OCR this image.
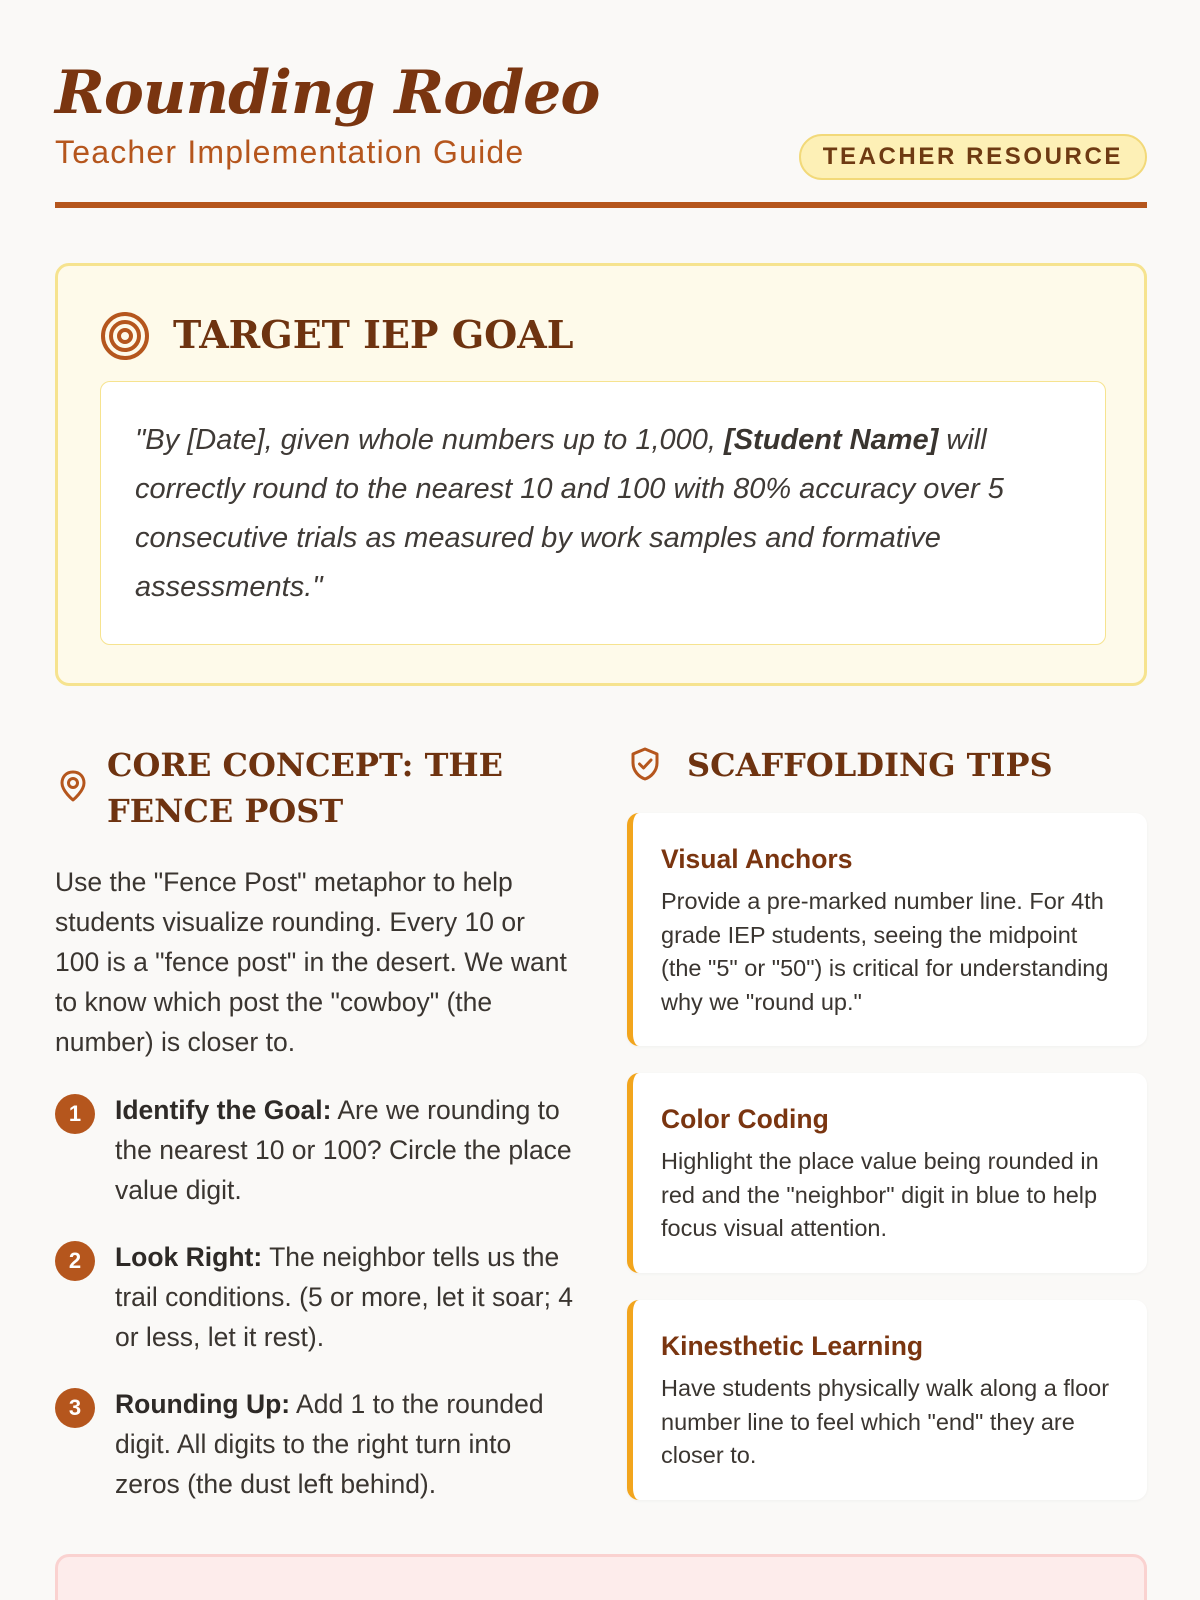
Rounding Rodeo
Teacher Implementation Guide	TEACHER RESOURCE
TARGET IEP GOAL

"By [Date], given whole numbers up to 1,000, [Student Name] will correctly round to the nearest 10 and 100 with 80% accuracy over 5 consecutive trials as measured by work samples and formative assessments."

CORE CONCEPT: THE FENCE POST

Use the "Fence Post" metaphor to help students visualize rounding. Every 10 or 100 is a "fence post" in the desert. We want to know which post the "cowboy" (the number) is closer to.

1	Identify the Goal: Are we rounding to the nearest 10 or 100? Circle the place value digit.

2	Look Right: The neighbor tells us the trail conditions. (5 or more, let it soar; 4 or less, let it rest).

3	Rounding Up: Add 1 to the rounded digit. All digits to the right turn into zeros (the dust left behind).

SCAFFOLDING TIPS
Visual Anchors

Provide a pre-marked number line. For 4th grade IEP students, seeing the midpoint (the "5" or "50") is critical for understanding why we "round up."

Color Coding

Highlight the place value being rounded in red and the "neighbor" digit in blue to help focus visual attention.

Kinesthetic Learning

Have students physically walk along a floor number line to feel which "end" they are closer to.
